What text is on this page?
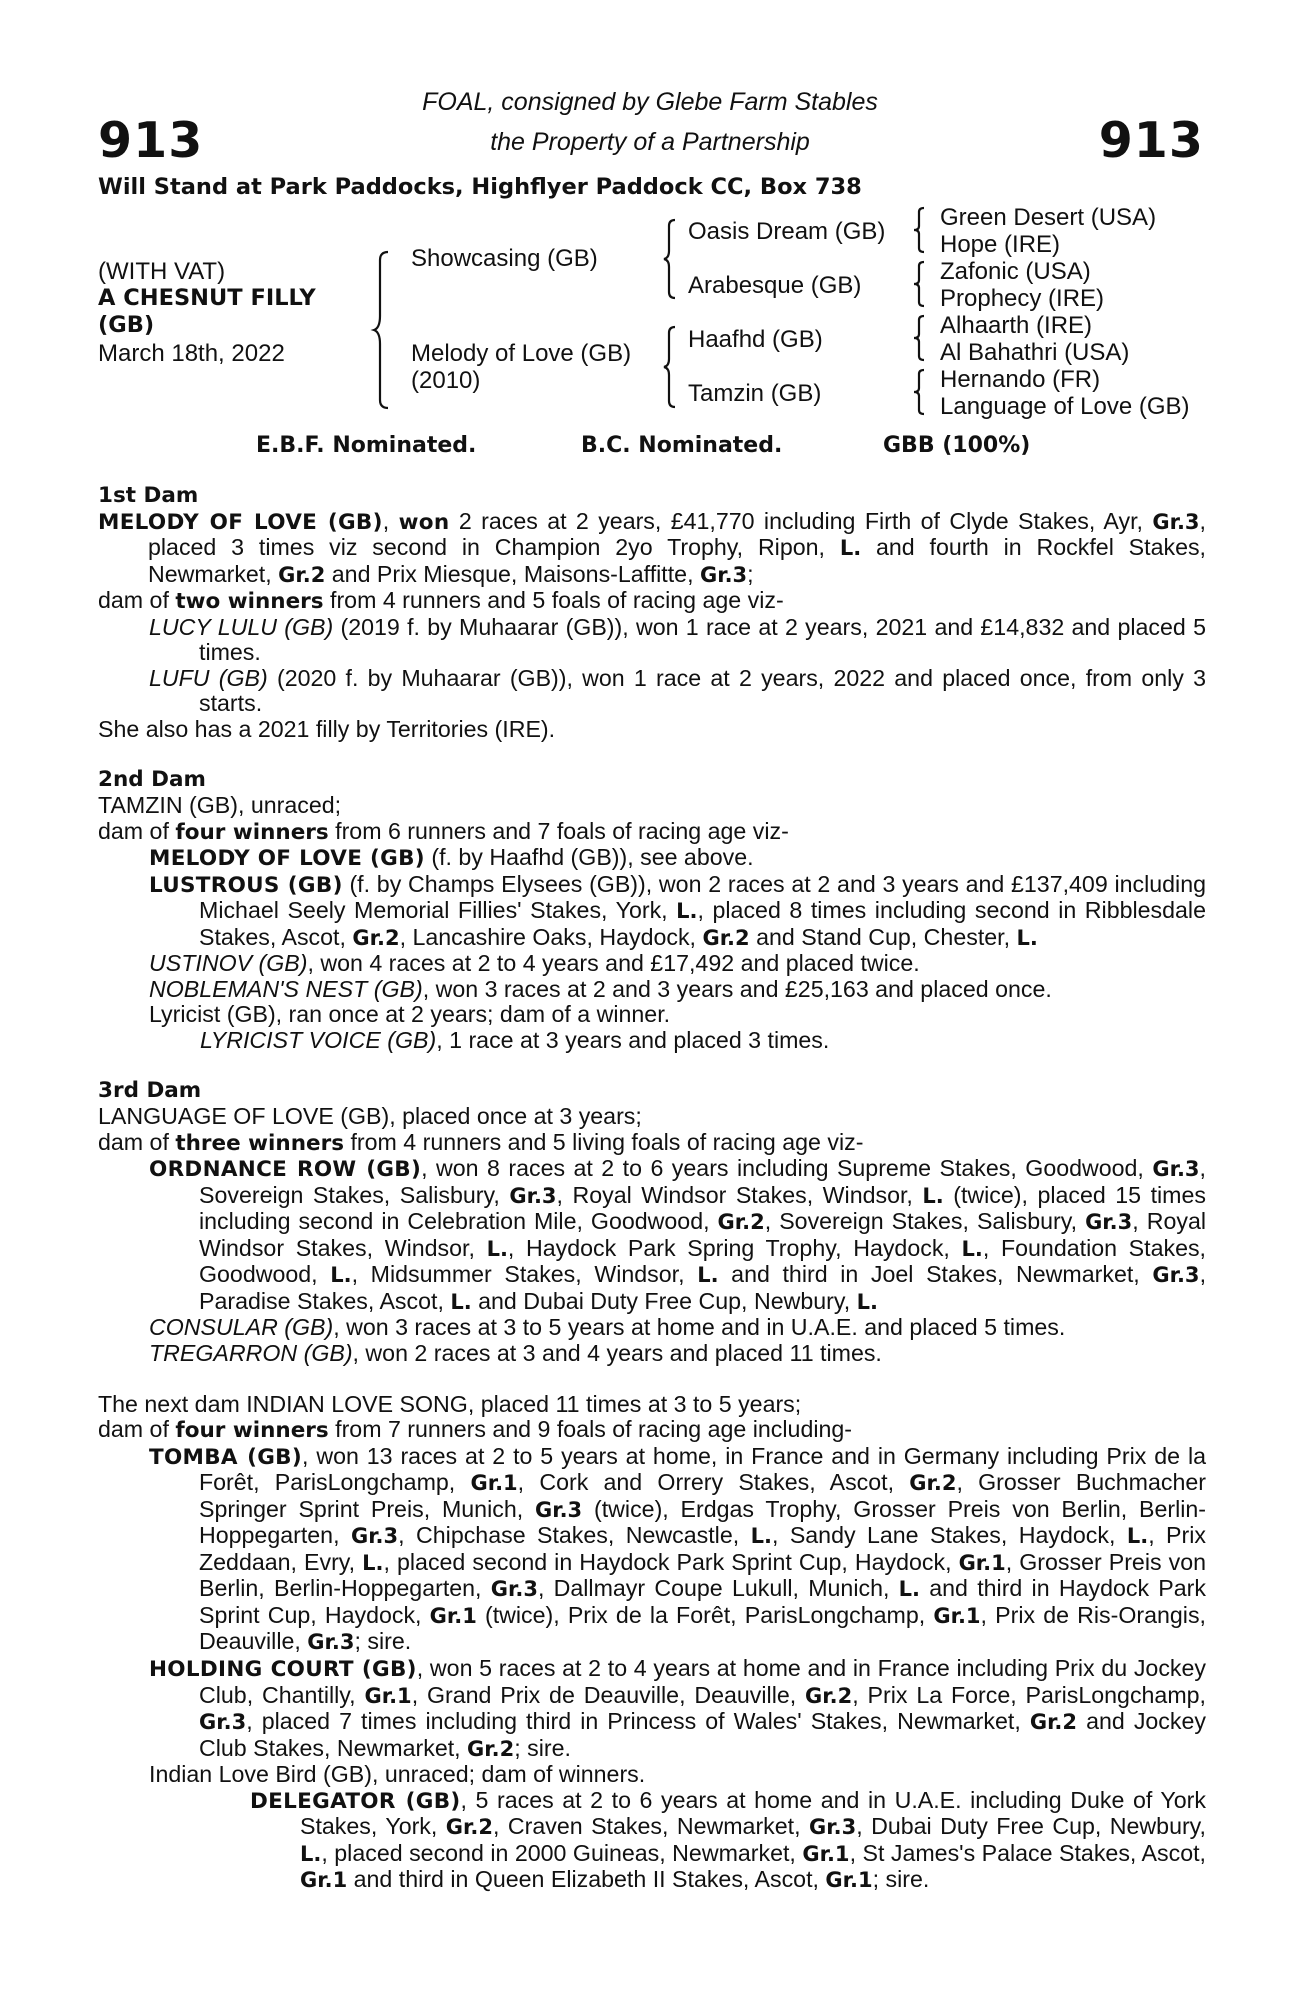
913	913
FOAL, consigned by Glebe Farm Stables
the Property of a Partnership
Will Stand at Park Paddocks, Highflyer Paddock CC, Box 738
(WITH VAT)
A CHESNUT FILLY
(GB)
March 18th, 2022
Showcasing (GB)
Melody of Love (GB)
(2010)
Oasis Dream (GB)
Arabesque (GB)
Haafhd (GB)
Tamzin (GB)
Green Desert (USA)
Hope (IRE)
Zafonic (USA)
Prophecy (IRE)
Alhaarth (IRE)
Al Bahathri (USA)
Hernando (FR)
Language of Love (GB)
E.B.F. Nominated.	B.C. Nominated.	GBB (100%)

1st Dam

MELODY OF LOVE (GB), won 2 races at 2 years, £41,770 including Firth of Clyde Stakes, Ayr, Gr.3, placed 3 times viz second in Champion 2yo Trophy, Ripon, L. and fourth in Rockfel Stakes, Newmarket, Gr.2 and Prix Miesque, Maisons-Laffitte, Gr.3;

dam of two winners from 4 runners and 5 foals of racing age viz-

LUCY LULU (GB) (2019 f. by Muhaarar (GB)), won 1 race at 2 years, 2021 and £14,832 and placed 5 times.

LUFU (GB) (2020 f. by Muhaarar (GB)), won 1 race at 2 years, 2022 and placed once, from only 3 starts.

She also has a 2021 filly by Territories (IRE).

2nd Dam

TAMZIN (GB), unraced;

dam of four winners from 6 runners and 7 foals of racing age viz-

MELODY OF LOVE (GB) (f. by Haafhd (GB)), see above.

LUSTROUS (GB) (f. by Champs Elysees (GB)), won 2 races at 2 and 3 years and £137,409 including Michael Seely Memorial Fillies' Stakes, York, L., placed 8 times including second in Ribblesdale Stakes, Ascot, Gr.2, Lancashire Oaks, Haydock, Gr.2 and Stand Cup, Chester, L.

USTINOV (GB), won 4 races at 2 to 4 years and £17,492 and placed twice.

NOBLEMAN'S NEST (GB), won 3 races at 2 and 3 years and £25,163 and placed once.

Lyricist (GB), ran once at 2 years; dam of a winner.

LYRICIST VOICE (GB), 1 race at 3 years and placed 3 times.

3rd Dam

LANGUAGE OF LOVE (GB), placed once at 3 years;

dam of three winners from 4 runners and 5 living foals of racing age viz-

ORDNANCE ROW (GB), won 8 races at 2 to 6 years including Supreme Stakes, Goodwood, Gr.3, Sovereign Stakes, Salisbury, Gr.3, Royal Windsor Stakes, Windsor, L. (twice), placed 15 times including second in Celebration Mile, Goodwood, Gr.2, Sovereign Stakes, Salisbury, Gr.3, Royal Windsor Stakes, Windsor, L., Haydock Park Spring Trophy, Haydock, L., Foundation Stakes, Goodwood, L., Midsummer Stakes, Windsor, L. and third in Joel Stakes, Newmarket, Gr.3, Paradise Stakes, Ascot, L. and Dubai Duty Free Cup, Newbury, L.

CONSULAR (GB), won 3 races at 3 to 5 years at home and in U.A.E. and placed 5 times.

TREGARRON (GB), won 2 races at 3 and 4 years and placed 11 times.

The next dam INDIAN LOVE SONG, placed 11 times at 3 to 5 years;

dam of four winners from 7 runners and 9 foals of racing age including-

TOMBA (GB), won 13 races at 2 to 5 years at home, in France and in Germany including Prix de la Forêt, ParisLongchamp, Gr.1, Cork and Orrery Stakes, Ascot, Gr.2, Grosser Buchmacher Springer Sprint Preis, Munich, Gr.3 (twice), Erdgas Trophy, Grosser Preis von Berlin, Berlin-Hoppegarten, Gr.3, Chipchase Stakes, Newcastle, L., Sandy Lane Stakes, Haydock, L., Prix Zeddaan, Evry, L., placed second in Haydock Park Sprint Cup, Haydock, Gr.1, Grosser Preis von Berlin, Berlin-Hoppegarten, Gr.3, Dallmayr Coupe Lukull, Munich, L. and third in Haydock Park Sprint Cup, Haydock, Gr.1 (twice), Prix de la Forêt, ParisLongchamp, Gr.1, Prix de Ris-Orangis, Deauville, Gr.3; sire.

HOLDING COURT (GB), won 5 races at 2 to 4 years at home and in France including Prix du Jockey Club, Chantilly, Gr.1, Grand Prix de Deauville, Deauville, Gr.2, Prix La Force, ParisLongchamp, Gr.3, placed 7 times including third in Princess of Wales' Stakes, Newmarket, Gr.2 and Jockey Club Stakes, Newmarket, Gr.2; sire.

Indian Love Bird (GB), unraced; dam of winners.

DELEGATOR (GB), 5 races at 2 to 6 years at home and in U.A.E. including Duke of York Stakes, York, Gr.2, Craven Stakes, Newmarket, Gr.3, Dubai Duty Free Cup, Newbury, L., placed second in 2000 Guineas, Newmarket, Gr.1, St James's Palace Stakes, Ascot, Gr.1 and third in Queen Elizabeth II Stakes, Ascot, Gr.1; sire.
